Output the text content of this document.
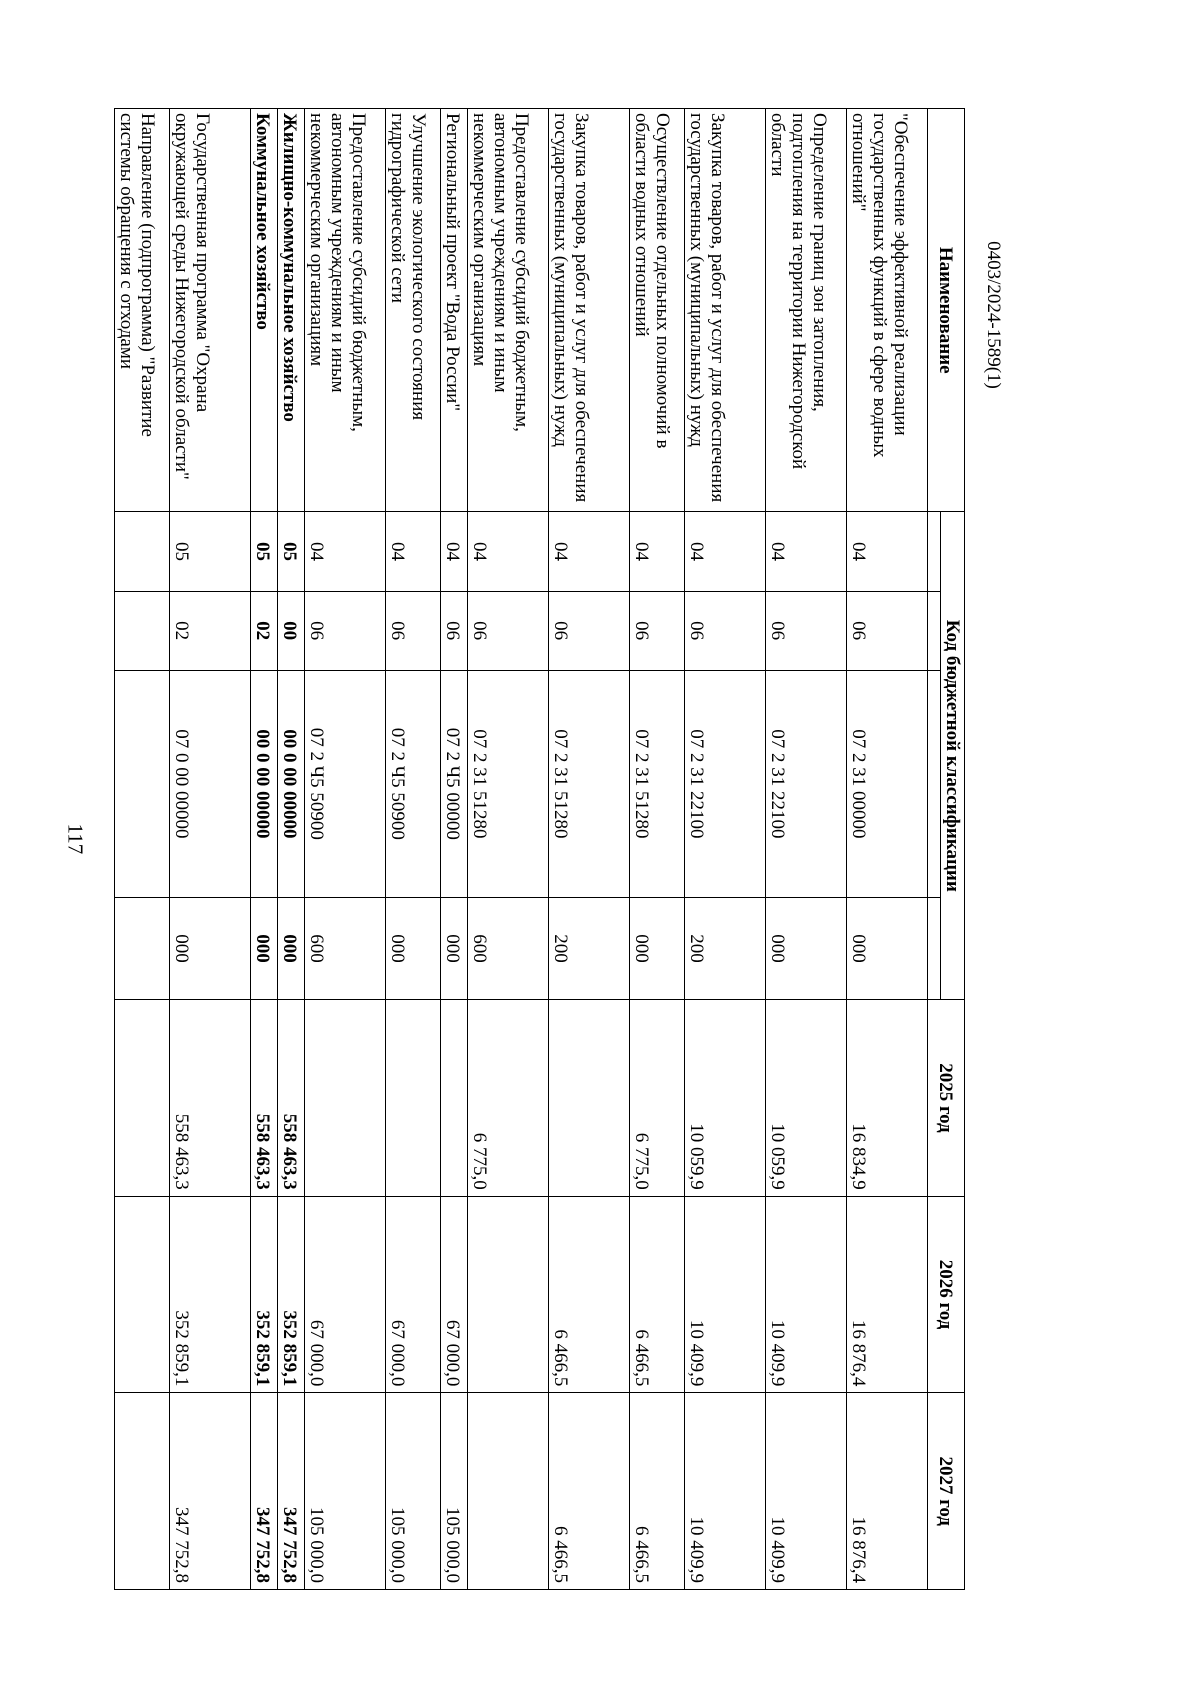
117
0403/2024-1589(1)
Наименование	Код бюджетной классификации				2025 год	2026 год	2027 год

"Обеспечение эффективной реализации государственных функций в сфере водных отношений"	04	06	07 2 31 00000	000	16 834,9	16 876,4	16 876,4
Определение границ зон затопления, подтопления на территории Нижегородской области	04	06	07 2 31 22100	000	10 059,9	10 409,9	10 409,9
Закупка товаров, работ и услуг для обеспечения государственных (муниципальных) нужд	04	06	07 2 31 22100	200	10 059,9	10 409,9	10 409,9
Осуществление отдельных полномочий в области водных отношений	04	06	07 2 31 51280	000	6 775,0	6 466,5	6 466,5
Закупка товаров, работ и услуг для обеспечения государственных (муниципальных) нужд	04	06	07 2 31 51280	200		6 466,5	6 466,5
Предоставление субсидий бюджетным, автономным учреждениям и иным некоммерческим организациям	04	06	07 2 31 51280	600	6 775,0		
Региональный проект "Вода России"	04	06	07 2 Ч5 00000	000		67 000,0	105 000,0
Улучшение экологического состояния гидрографической сети	04	06	07 2 Ч5 50900	000		67 000,0	105 000,0
Предоставление субсидий бюджетным, автономным учреждениям и иным некоммерческим организациям	04	06	07 2 Ч5 50900	600		67 000,0	105 000,0
Жилищно-коммунальное хозяйство	05	00	00 0 00 00000	000	558 463,3	352 859,1	347 752,8
Коммунальное хозяйство	05	02	00 0 00 00000	000	558 463,3	352 859,1	347 752,8
Государственная программа "Охрана окружающей среды Нижегородской области"	05	02	07 0 00 00000	000	558 463,3	352 859,1	347 752,8
Направление (подпрограмма) "Развитие системы обращения с отходами							
